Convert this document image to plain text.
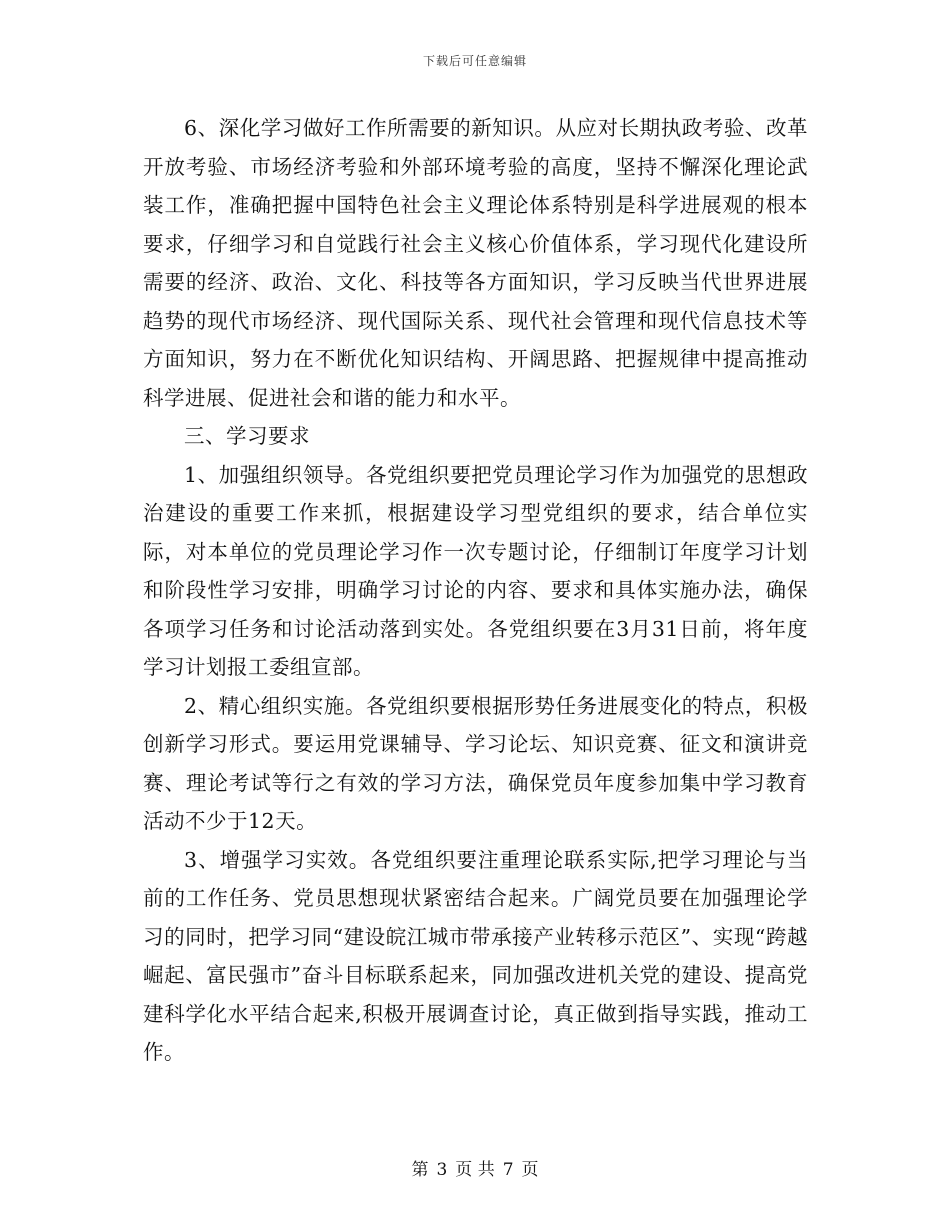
下载后可任意编辑

6、深化学习做好工作所需要的新知识。从应对长期执政考验、改革开放考验、市场经济考验和外部环境考验的高度，坚持不懈深化理论武装工作，准确把握中国特色社会主义理论体系特别是科学进展观的根本要求，仔细学习和自觉践行社会主义核心价值体系，学习现代化建设所需要的经济、政治、文化、科技等各方面知识，学习反映当代世界进展趋势的现代市场经济、现代国际关系、现代社会管理和现代信息技术等方面知识，努力在不断优化知识结构、开阔思路、把握规律中提高推动科学进展、促进社会和谐的能力和水平。

三、学习要求

1、加强组织领导。各党组织要把党员理论学习作为加强党的思想政治建设的重要工作来抓，根据建设学习型党组织的要求，结合单位实际，对本单位的党员理论学习作一次专题讨论，仔细制订年度学习计划和阶段性学习安排，明确学习讨论的内容、要求和具体实施办法，确保各项学习任务和讨论活动落到实处。各党组织要在3月31日前，将年度学习计划报工委组宣部。

2、精心组织实施。各党组织要根据形势任务进展变化的特点，积极创新学习形式。要运用党课辅导、学习论坛、知识竞赛、征文和演讲竞赛、理论考试等行之有效的学习方法，确保党员年度参加集中学习教育活动不少于12天。

3、增强学习实效。各党组织要注重理论联系实际,把学习理论与当前的工作任务、党员思想现状紧密结合起来。广阔党员要在加强理论学习的同时，把学习同“建设皖江城市带承接产业转移示范区”、实现“跨越崛起、富民强市”奋斗目标联系起来，同加强改进机关党的建设、提高党建科学化水平结合起来,积极开展调查讨论，真正做到指导实践，推动工作。

第 3 页 共 7 页
